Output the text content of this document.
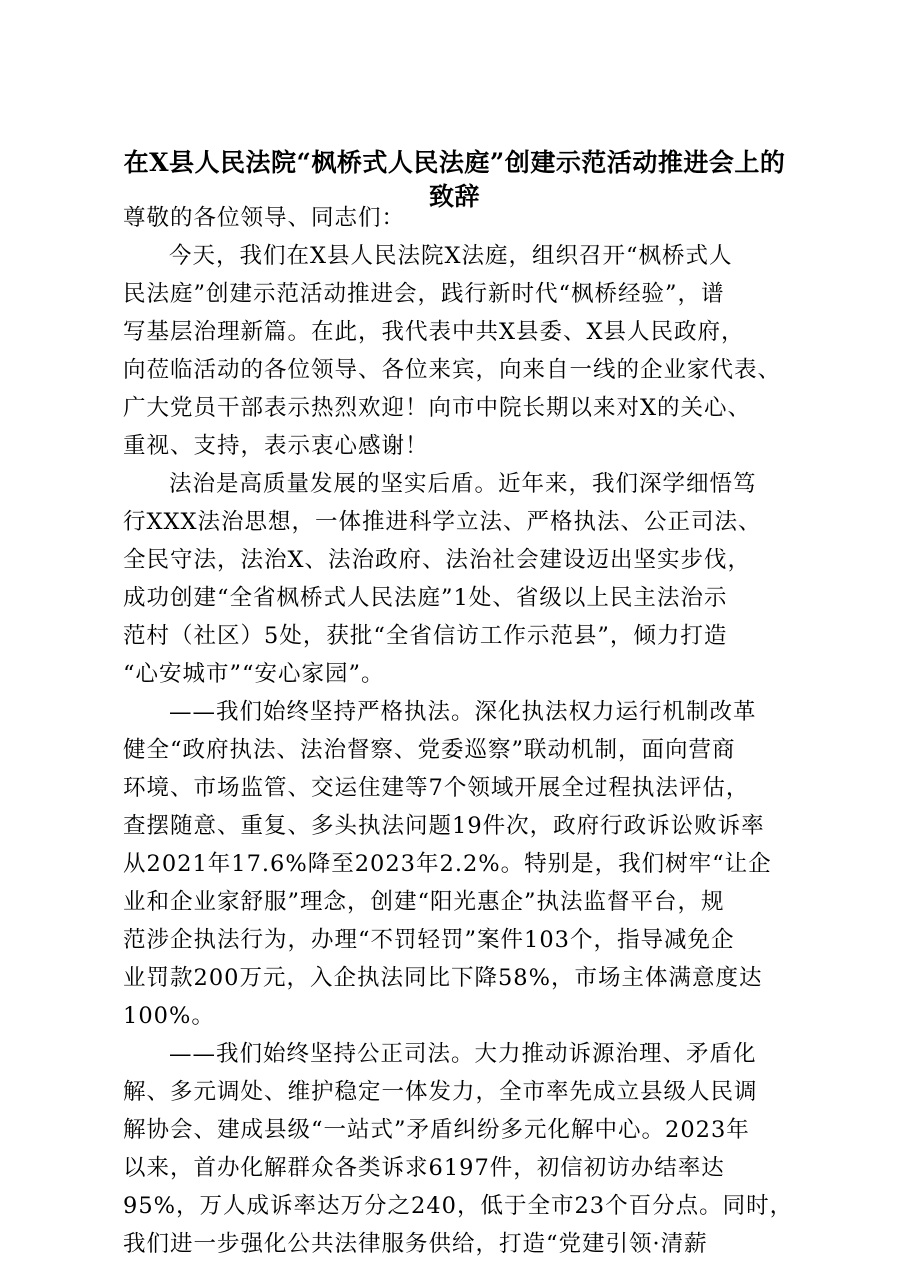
在X县人民法院“枫桥式人民法庭”创建示范活动推进会上的
致辞
尊敬的各位领导、同志们：
今天，我们在X县人民法院X法庭，组织召开“枫桥式人
民法庭”创建示范活动推进会，践行新时代“枫桥经验”，谱
写基层治理新篇。在此，我代表中共X县委、X县人民政府，
向莅临活动的各位领导、各位来宾，向来自一线的企业家代表、
广大党员干部表示热烈欢迎！向市中院长期以来对X的关心、
重视、支持，表示衷心感谢！
法治是高质量发展的坚实后盾。近年来，我们深学细悟笃
行XXX法治思想，一体推进科学立法、严格执法、公正司法、
全民守法，法治X、法治政府、法治社会建设迈出坚实步伐，
成功创建“全省枫桥式人民法庭”1处、省级以上民主法治示
范村（社区）5处，获批“全省信访工作示范县”，倾力打造
“心安城市”“安心家园”。
——我们始终坚持严格执法。深化执法权力运行机制改革
健全“政府执法、法治督察、党委巡察”联动机制，面向营商
环境、市场监管、交运住建等7个领域开展全过程执法评估，
查摆随意、重复、多头执法问题19件次，政府行政诉讼败诉率
从2021年17.6%降至2023年2.2%。特别是，我们树牢“让企
业和企业家舒服”理念，创建“阳光惠企”执法监督平台，规
范涉企执法行为，办理“不罚轻罚”案件103个，指导减免企
业罚款200万元，入企执法同比下降58%，市场主体满意度达
100%。
——我们始终坚持公正司法。大力推动诉源治理、矛盾化
解、多元调处、维护稳定一体发力，全市率先成立县级人民调
解协会、建成县级“一站式”矛盾纠纷多元化解中心。2023年
以来，首办化解群众各类诉求6197件，初信初访办结率达
95%，万人成诉率达万分之240，低于全市23个百分点。同时，
我们进一步强化公共法律服务供给，打造“党建引领·清薪
